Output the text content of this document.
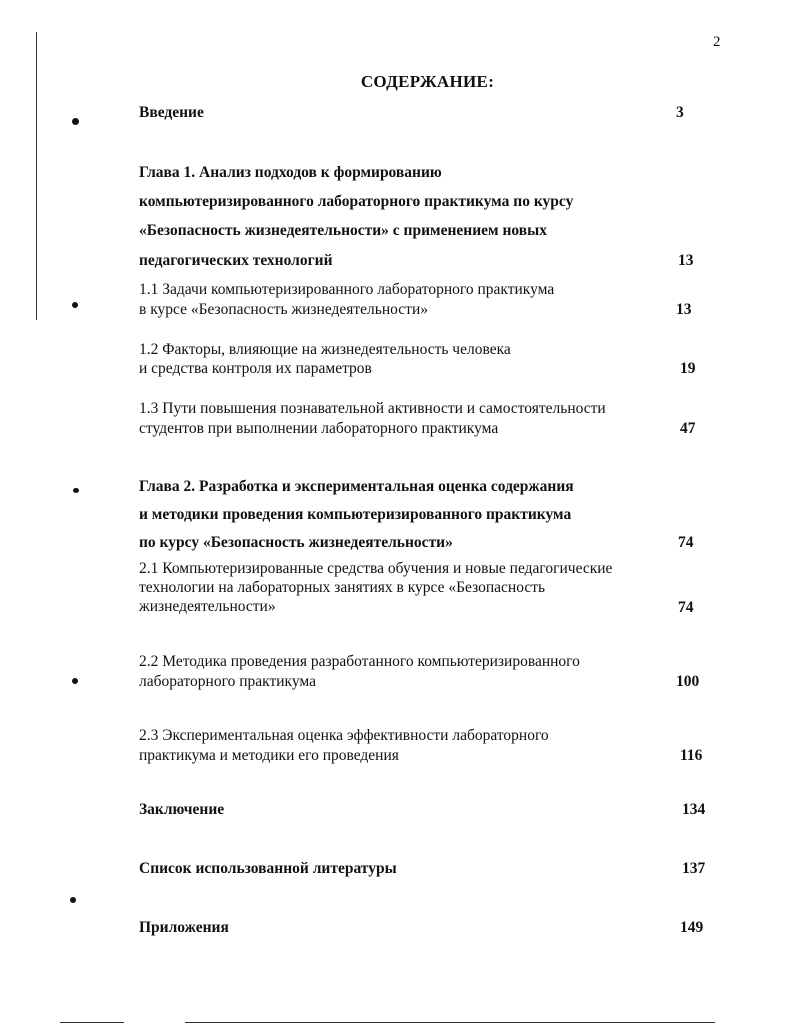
2
СОДЕРЖАНИЕ:
Введение	3
Глава 1. Анализ подходов к формированию
компьютеризированного лабораторного практикума по курсу
«Безопасность жизнедеятельности» с применением новых
педагогических технологий	13
1.1 Задачи компьютеризированного лабораторного практикума
в курсе «Безопасность жизнедеятельности»	13
1.2 Факторы, влияющие на жизнедеятельность человека
и средства контроля их параметров	19
1.3 Пути повышения познавательной активности и самостоятельности
студентов при выполнении лабораторного практикума	47
Глава 2. Разработка и экспериментальная оценка содержания
и методики проведения компьютеризированного практикума
по курсу «Безопасность жизнедеятельности»	74
2.1 Компьютеризированные средства обучения и новые педагогические
технологии на лабораторных занятиях в курсе «Безопасность
жизнедеятельности»	74
2.2 Методика проведения разработанного компьютеризированного
лабораторного практикума	100
2.3 Экспериментальная оценка эффективности лабораторного
практикума и методики его проведения	116
Заключение	134
Список использованной литературы	137
Приложения	149
